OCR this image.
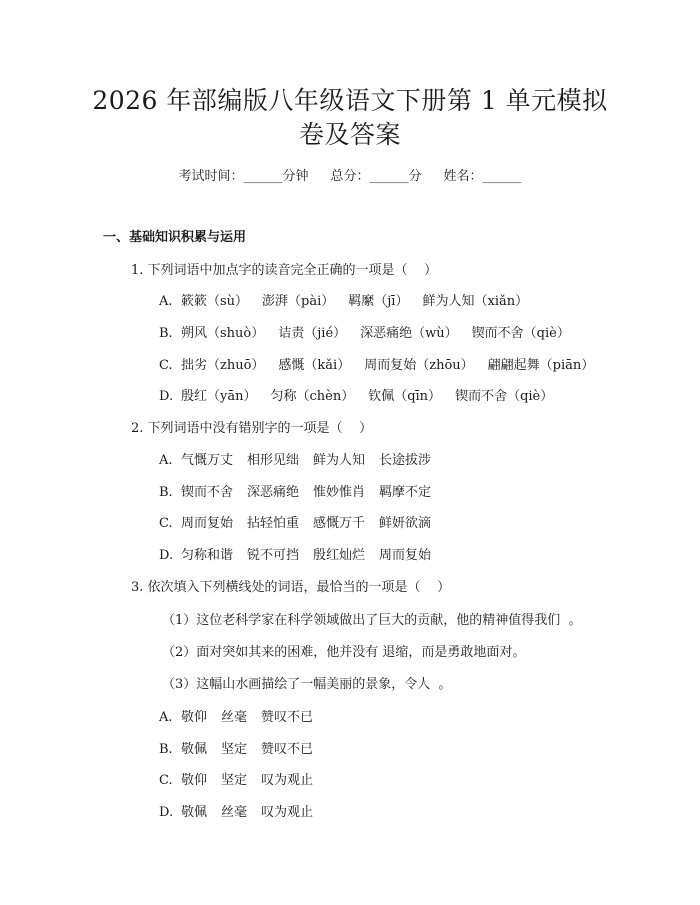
2026 年部编版八年级语文下册第 1 单元模拟
卷及答案
考试时间：______分钟 总分：______分 姓名：______
一、基础知识积累与运用
1. 下列词语中加点字的读音完全正确的一项是（    ）
A. 簌簌（sù） 澎湃（pài） 羁縻（jī） 鲜为人知（xiǎn）
B. 朔风（shuò） 诘责（jié） 深恶痛绝（wù） 锲而不舍（qiè）
C. 拙劣（zhuō） 感慨（kǎi） 周而复始（zhōu） 翩翩起舞（piān）
D. 殷红（yān） 匀称（chèn） 钦佩（qīn） 锲而不舍（qiè）
2. 下列词语中没有错别字的一项是（    ）
A. 气慨万丈 相形见绌 鲜为人知 长途拔涉
B. 锲而不舍 深恶痛绝 惟妙惟肖 羁摩不定
C. 周而复始 拈轻怕重 感慨万千 鲜妍欲滴
D. 匀称和谐 锐不可挡 殷红灿烂 周而复始
3. 依次填入下列横线处的词语，最恰当的一项是（    ）
（1）这位老科学家在科学领域做出了巨大的贡献，他的精神值得我们  。
（2）面对突如其来的困难，他并没有 退缩，而是勇敢地面对。
（3）这幅山水画描绘了一幅美丽的景象，令人  。
A. 敬仰 丝毫 赞叹不已
B. 敬佩 坚定 赞叹不已
C. 敬仰 坚定 叹为观止
D. 敬佩 丝毫 叹为观止
